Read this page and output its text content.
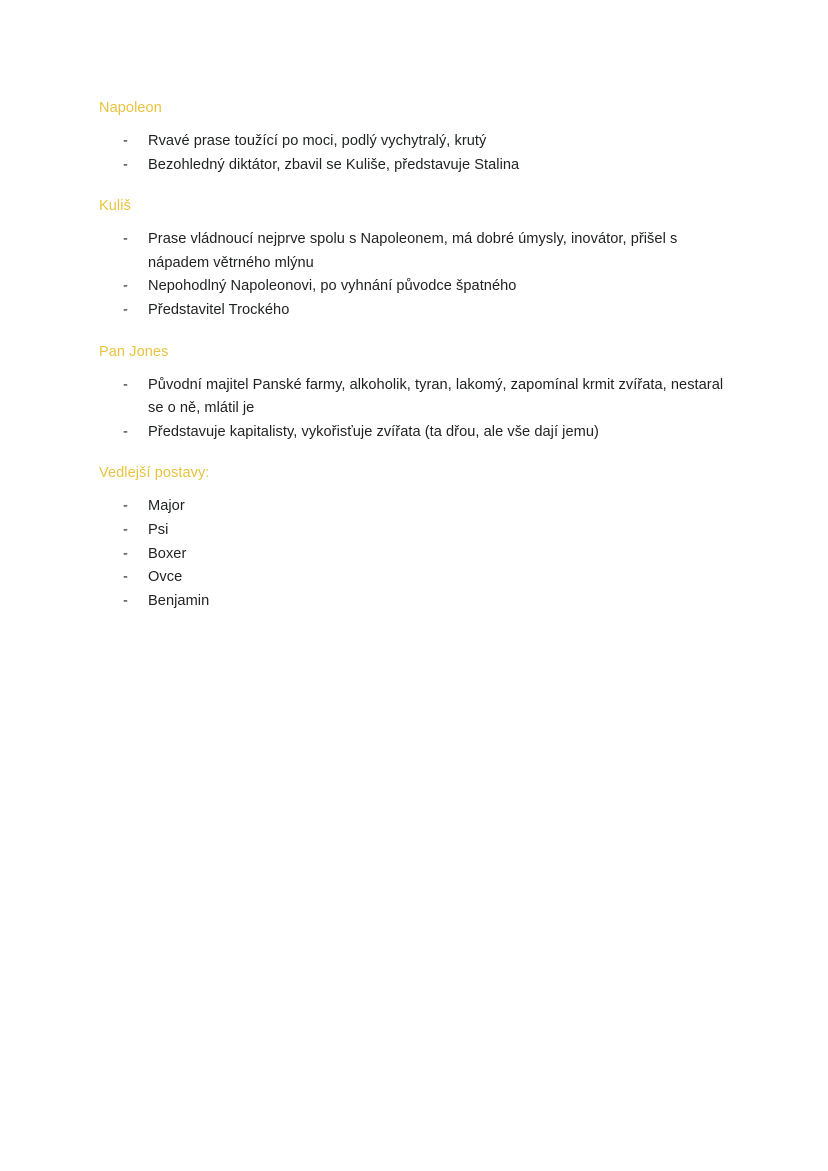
Napoleon
- Rvavé prase toužící po moci, podlý vychytralý, krutý
- Bezohledný diktátor, zbavil se Kuliše, představuje Stalina
Kuliš
- Prase vládnoucí nejprve spolu s Napoleonem, má dobré úmysly, inovátor, přišel s nápadem větrného mlýnu
- Nepohodlný Napoleonovi, po vyhnání původce špatného
- Představitel Trockého
Pan Jones
- Původní majitel Panské farmy, alkoholik, tyran, lakomý, zapomínal krmit zvířata, nestaral se o ně, mlátil je
- Představuje kapitalisty, vykořisťuje zvířata (ta dřou, ale vše dají jemu)
Vedlejší postavy:
- Major
- Psi
- Boxer
- Ovce
- Benjamin
